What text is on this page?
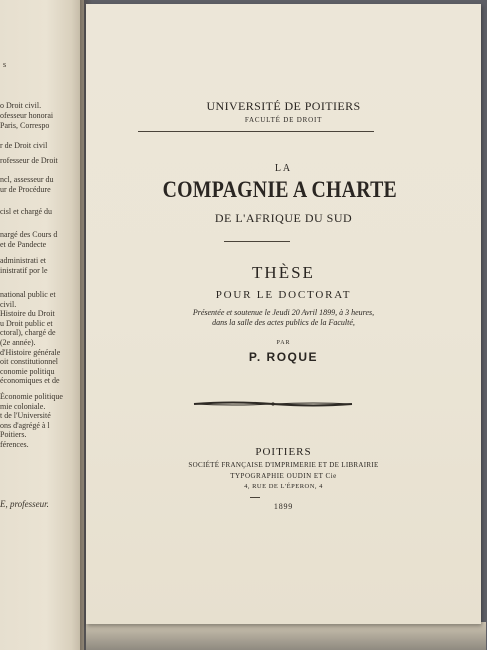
s
o Droit civil.
ofesseur honorai
Paris, Correspo
r de Droit civil
rofesseur de Droit
ncl, assesseur du
ur de Procédure
cisl et chargé du
nargé des Cours d
et de Pandecte
administrati et
inistratif por le
national public et
civil.
Histoire du Droit
u Droit public et
ctoral), chargé de
(2e année).
d'Histoire générale
oit constitutionnel
conomie politiqu
économiques et de
Économie politique
mie coloniale.
t de l'Université
ons d'agrégé à l
Poitiers.
férences.
E, professeur.
UNIVERSITÉ DE POITIERS
FACULTÉ DE DROIT
LA
COMPAGNIE A CHARTE
DE L'AFRIQUE DU SUD
THÈSE
POUR LE DOCTORAT
Présentée et soutenue le Jeudi 20 Avril 1899, à 3 heures,
dans la salle des actes publics de la Faculté,
PAR
P. ROQUE
POITIERS
SOCIÉTÉ FRANÇAISE D'IMPRIMERIE ET DE LIBRAIRIE
TYPOGRAPHIE OUDIN ET Cie
4, RUE DE L'ÉPERON, 4
1899
